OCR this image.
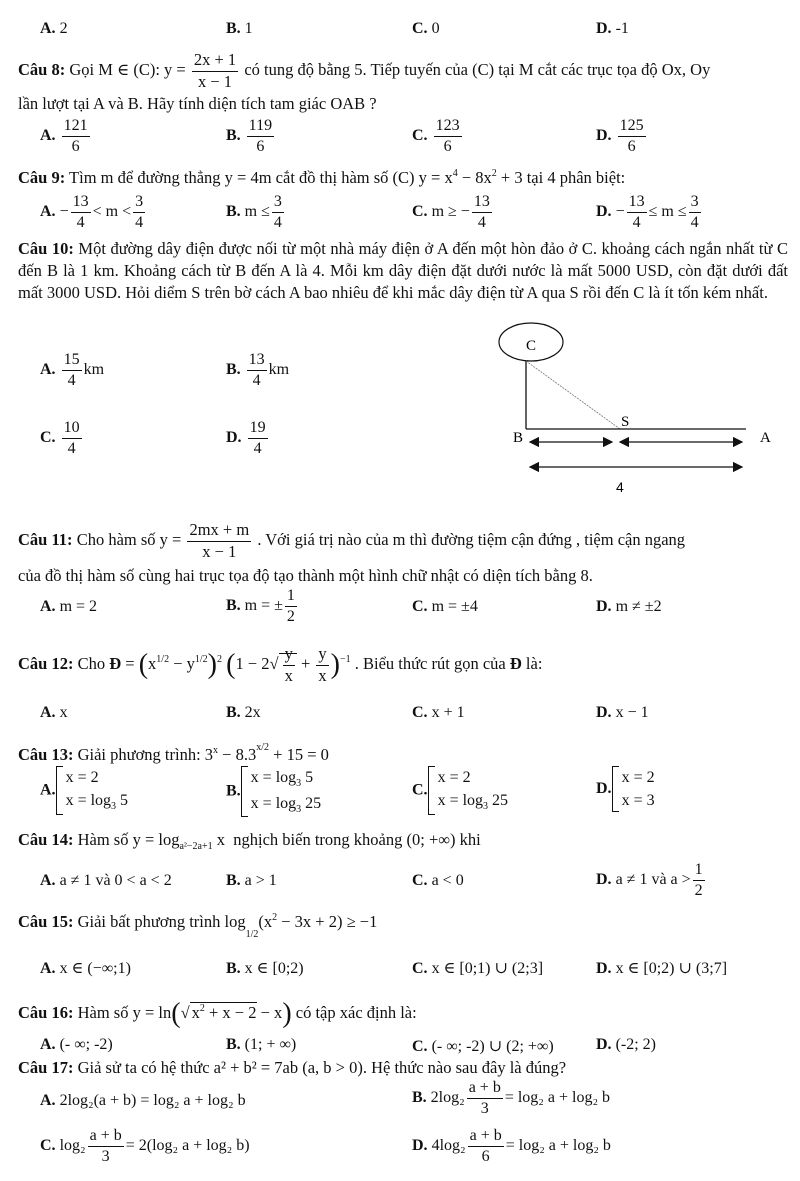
A. 2	B. 1	C. 0	D. -1
Câu 8: Gọi M ∈ (C): $y = \frac{2x + 1}{x - 1}$ có tung độ bằng 5. Tiếp tuyến của (C) tại M cắt các trục tọa độ Ox, Oy
lần lượt tại A và B. Hãy tính diện tích tam giác OAB ?
A. $\frac{121}{6}$	B. $\frac{119}{6}$	C. $\frac{123}{6}$	D. $\frac{125}{6}$
Câu 9: Tìm m để đường thẳng y = 4m cắt đồ thị hàm số (C) $y = x^4 - 8x^2 + 3$ tại 4 phân biệt:
A. − $\frac{13}{4} < m < \frac{3}{4}$	B. $m \le \frac{3}{4}$	C. m ≥ − $\frac{13}{4}$	D. − $\frac{13}{4} \le m \le \frac{3}{4}$
Câu 10: Một đường dây điện được nối từ một nhà máy điện ở A đến một hòn đảo ở C. khoảng cách ngắn nhất từ C đến B là 1 km. Khoảng cách từ B đến A là 4. Mỗi km dây điện đặt dưới nước là mất 5000 USD, còn đặt dưới đất mất 3000 USD. Hỏi diểm S trên bờ cách A bao nhiêu để khi mắc dây điện từ A qua S rồi đến C là ít tốn kém nhất.
A. $\frac{15}{4}$ km	B. $\frac{13}{4}$ km
C. $\frac{10}{4}$	D. $\frac{19}{4}$
C
S
B	A
4
Câu 11: Cho hàm số $y = \frac{2mx + m}{x - 1}$ . Với giá trị nào của m thì đường tiệm cận đứng , tiệm cận ngang
của đồ thị hàm số cùng hai trục tọa độ tạo thành một hình chữ nhật có diện tích bằng 8.
A. m = 2	B. m = ± $\frac{1}{2}$	C. m = ±4	D. m ≠ ±2
Câu 12: Cho Đ = $(x^{1/2} - y^{1/2})^2$ $(1 - 2√ \frac{y}{x} + \frac{y}{x} )^{-1}$ . Biểu thức rút gọn của Đ là:
A. x	B. 2x	C. x + 1	D. x − 1
Câu 13: Giải phương trình: $3^x - 8.3^{x/2} + 15 = 0$
A.
x = 2
$x = \log_3 5$
B.
$x = \log_3 5$
$x = \log_3 25$
C.
x = 2
$x = \log_3 25$
D.
x = 2
x = 3
Câu 14: Hàm số $y = \log_{a^2-2a+1} x$ nghịch biến trong khoảng (0; +∞) khi
A. a ≠ 1 và 0 < a < 2	B. a > 1	C. a < 0	D. a ≠ 1 và $a > \frac{1}{2}$
Câu 15: Giải bất phương trình $\log_{1/2}(x^2 - 3x + 2) \ge -1$
A. x ∈ (−∞;1)	B. x ∈ [0;2)	C. x ∈ [0;1) ∪ (2;3]	D. x ∈ [0;2) ∪ (3;7]
Câu 16: Hàm số y = ln(√ $x^2 + x - 2 - x$) có tập xác định là:
A. (- ∞; -2)	B. (1; + ∞)	C. (- ∞; -2) ∪ (2; +∞)	D. (-2; 2)
Câu 17: Giả sử ta có hệ thức a² + b² = 7ab (a, b > 0). Hệ thức nào sau đây là đúng?
A. 2log₂(a + b) = log₂ a + log₂ b	B. $2\log_2 \frac{a + b}{3} = \log_2$ a + log₂ b
C. $\log_2 \frac{a + b}{3} = 2(\log_2$ a + log₂ b)	D. $4\log_2 \frac{a + b}{6} = \log_2$ a + log₂ b
